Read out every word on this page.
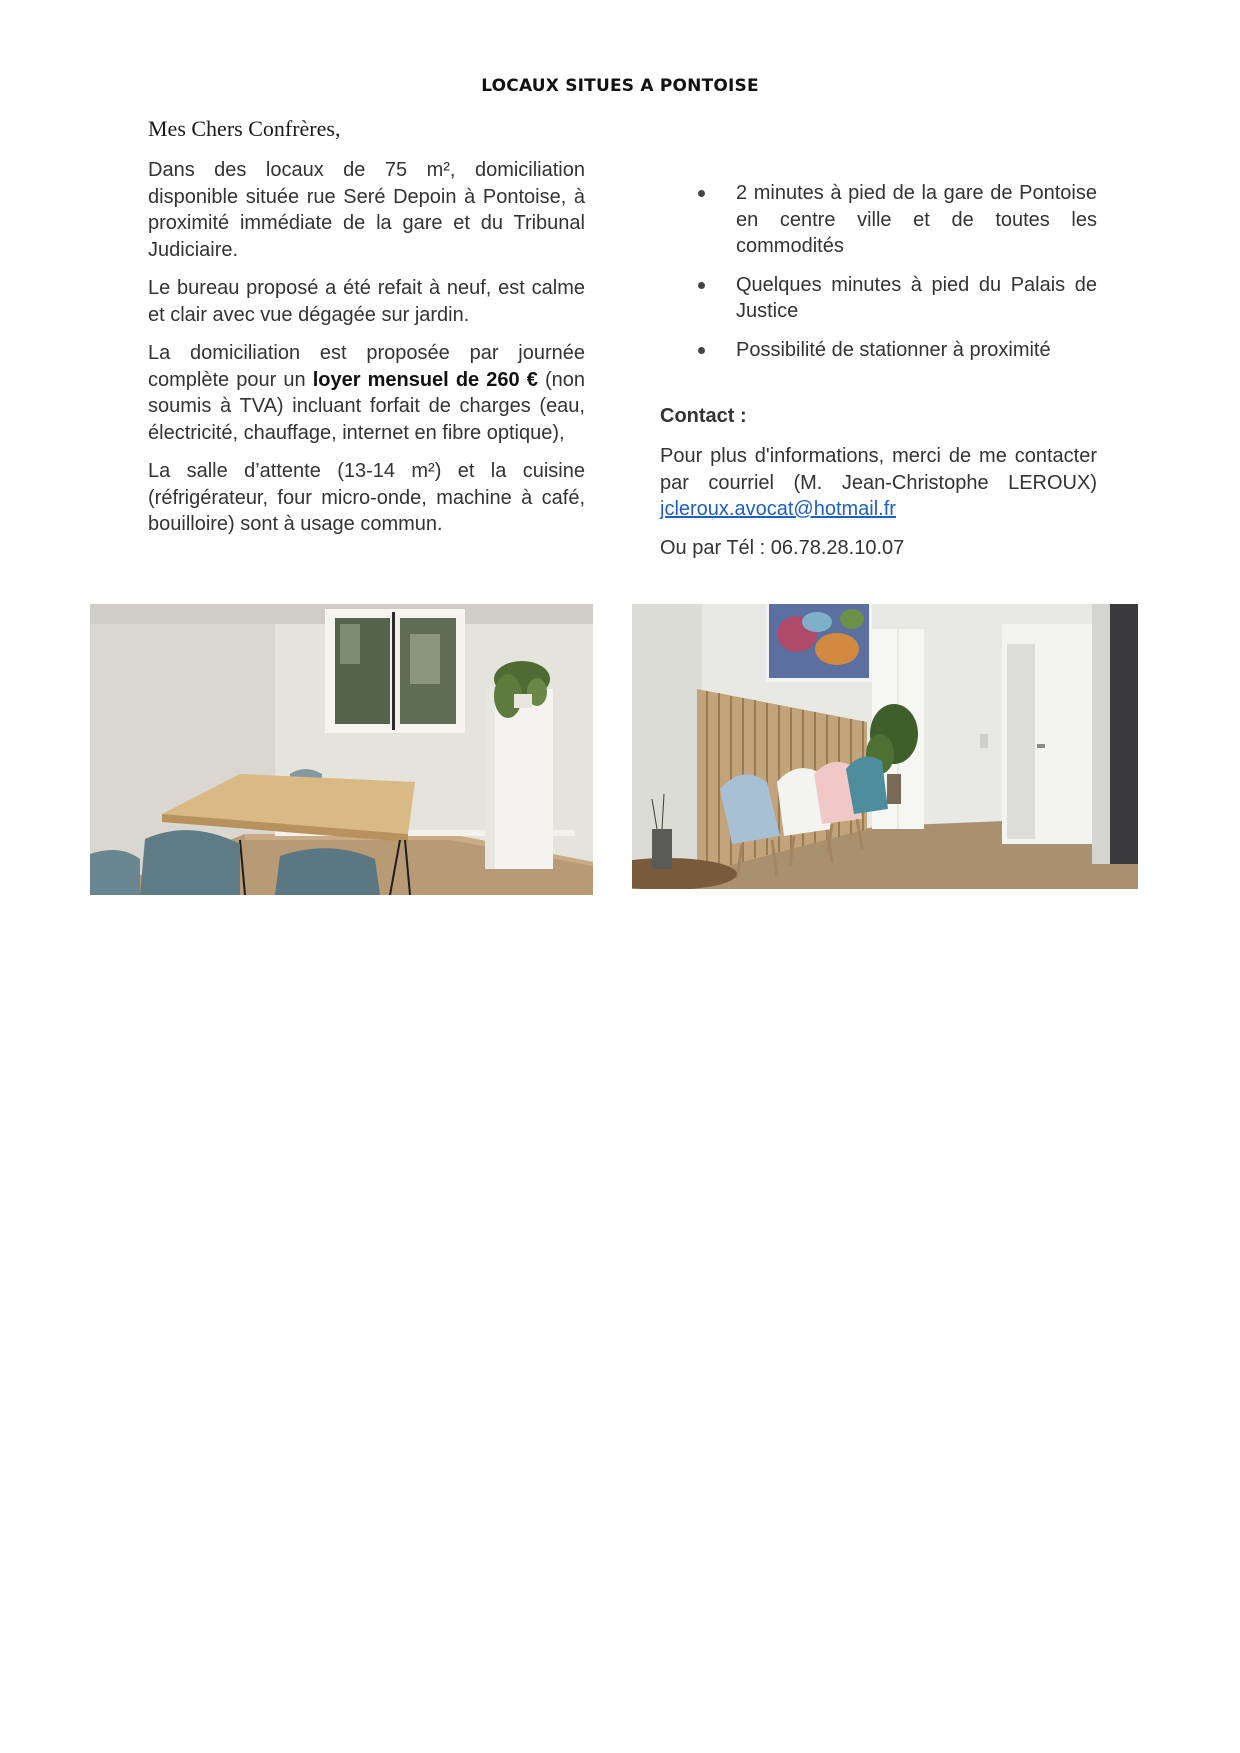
LOCAUX SITUES A PONTOISE
Mes Chers Confrères,

Dans des locaux de 75 m², domiciliation disponible située rue Seré Depoin à Pontoise, à proximité immédiate de la gare et du Tribunal Judiciaire.

Le bureau proposé a été refait à neuf, est calme et clair avec vue dégagée sur jardin.

La domiciliation est proposée par journée complète pour un loyer mensuel de 260 € (non soumis à TVA) incluant forfait de charges (eau, électricité, chauffage, internet en fibre optique),

La salle d’attente (13-14 m²) et la cuisine (réfrigérateur, four micro-onde, machine à café, bouilloire) sont à usage commun.

2 minutes à pied de la gare de Pontoise en centre ville et de toutes les commodités
Quelques minutes à pied du Palais de Justice
Possibilité de stationner à proximité
Contact :

Pour plus d'informations, merci de me contacter par courriel (M. Jean-Christophe LEROUX) jcleroux.avocat@hotmail.fr

Ou par Tél : 06.78.28.10.07
